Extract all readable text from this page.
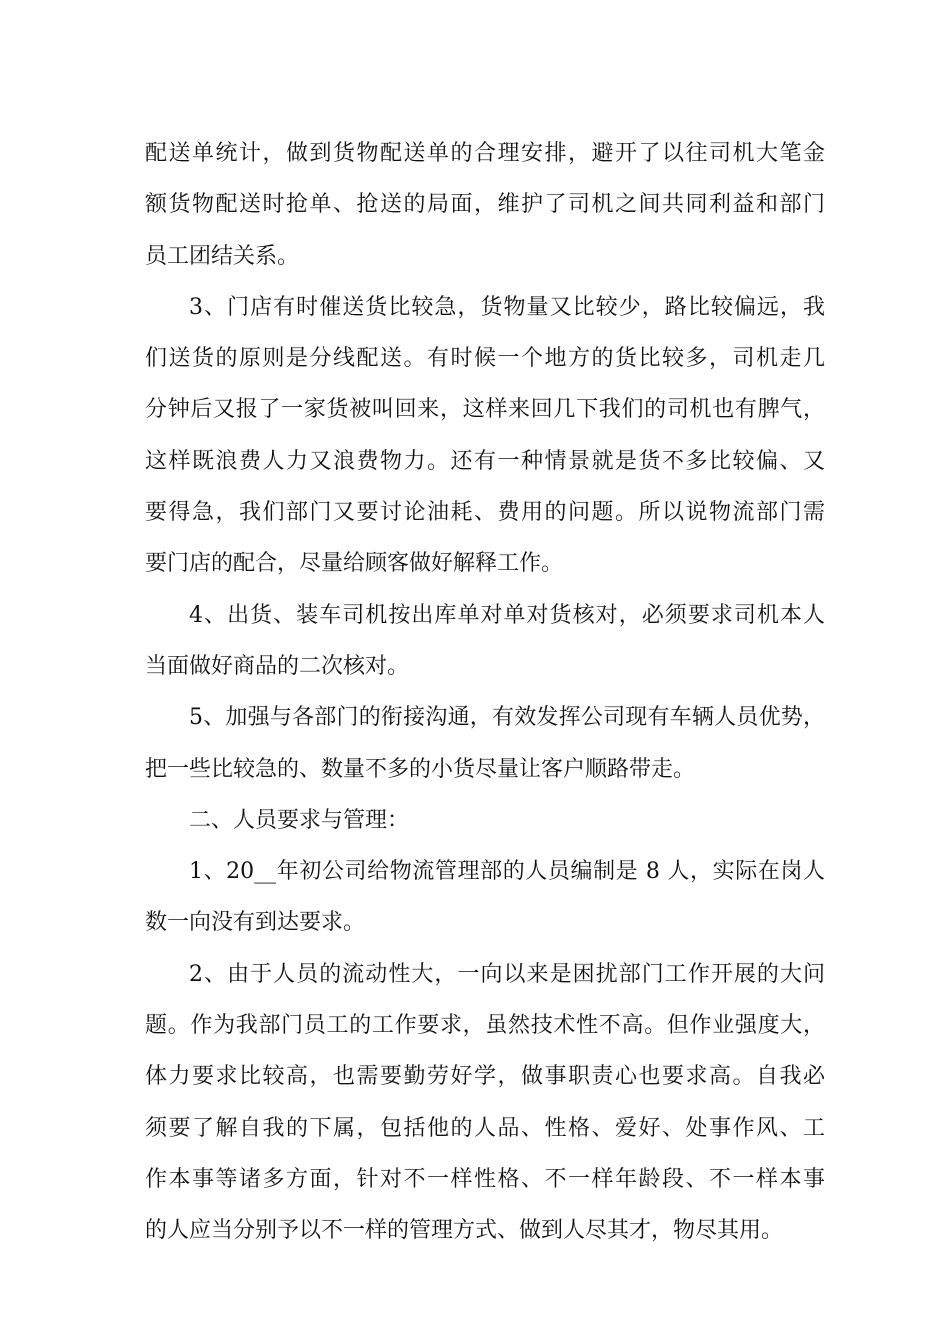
配送单统计，做到货物配送单的合理安排，避开了以往司机大笔金
额货物配送时抢单、抢送的局面，维护了司机之间共同利益和部门
员工团结关系。
3、门店有时催送货比较急，货物量又比较少，路比较偏远，我
们送货的原则是分线配送。有时候一个地方的货比较多，司机走几
分钟后又报了一家货被叫回来，这样来回几下我们的司机也有脾气，
这样既浪费人力又浪费物力。还有一种情景就是货不多比较偏、又
要得急，我们部门又要讨论油耗、费用的问题。所以说物流部门需
要门店的配合，尽量给顾客做好解释工作。
4、出货、装车司机按出库单对单对货核对，必须要求司机本人
当面做好商品的二次核对。
5、加强与各部门的衔接沟通，有效发挥公司现有车辆人员优势，
把一些比较急的、数量不多的小货尽量让客户顺路带走。
二、人员要求与管理：
1、20__年初公司给物流管理部的人员编制是 8 人，实际在岗人
数一向没有到达要求。
2、由于人员的流动性大，一向以来是困扰部门工作开展的大问
题。作为我部门员工的工作要求，虽然技术性不高。但作业强度大，
体力要求比较高，也需要勤劳好学，做事职责心也要求高。自我必
须要了解自我的下属，包括他的人品、性格、爱好、处事作风、工
作本事等诸多方面，针对不一样性格、不一样年龄段、不一样本事
的人应当分别予以不一样的管理方式、做到人尽其才，物尽其用。
